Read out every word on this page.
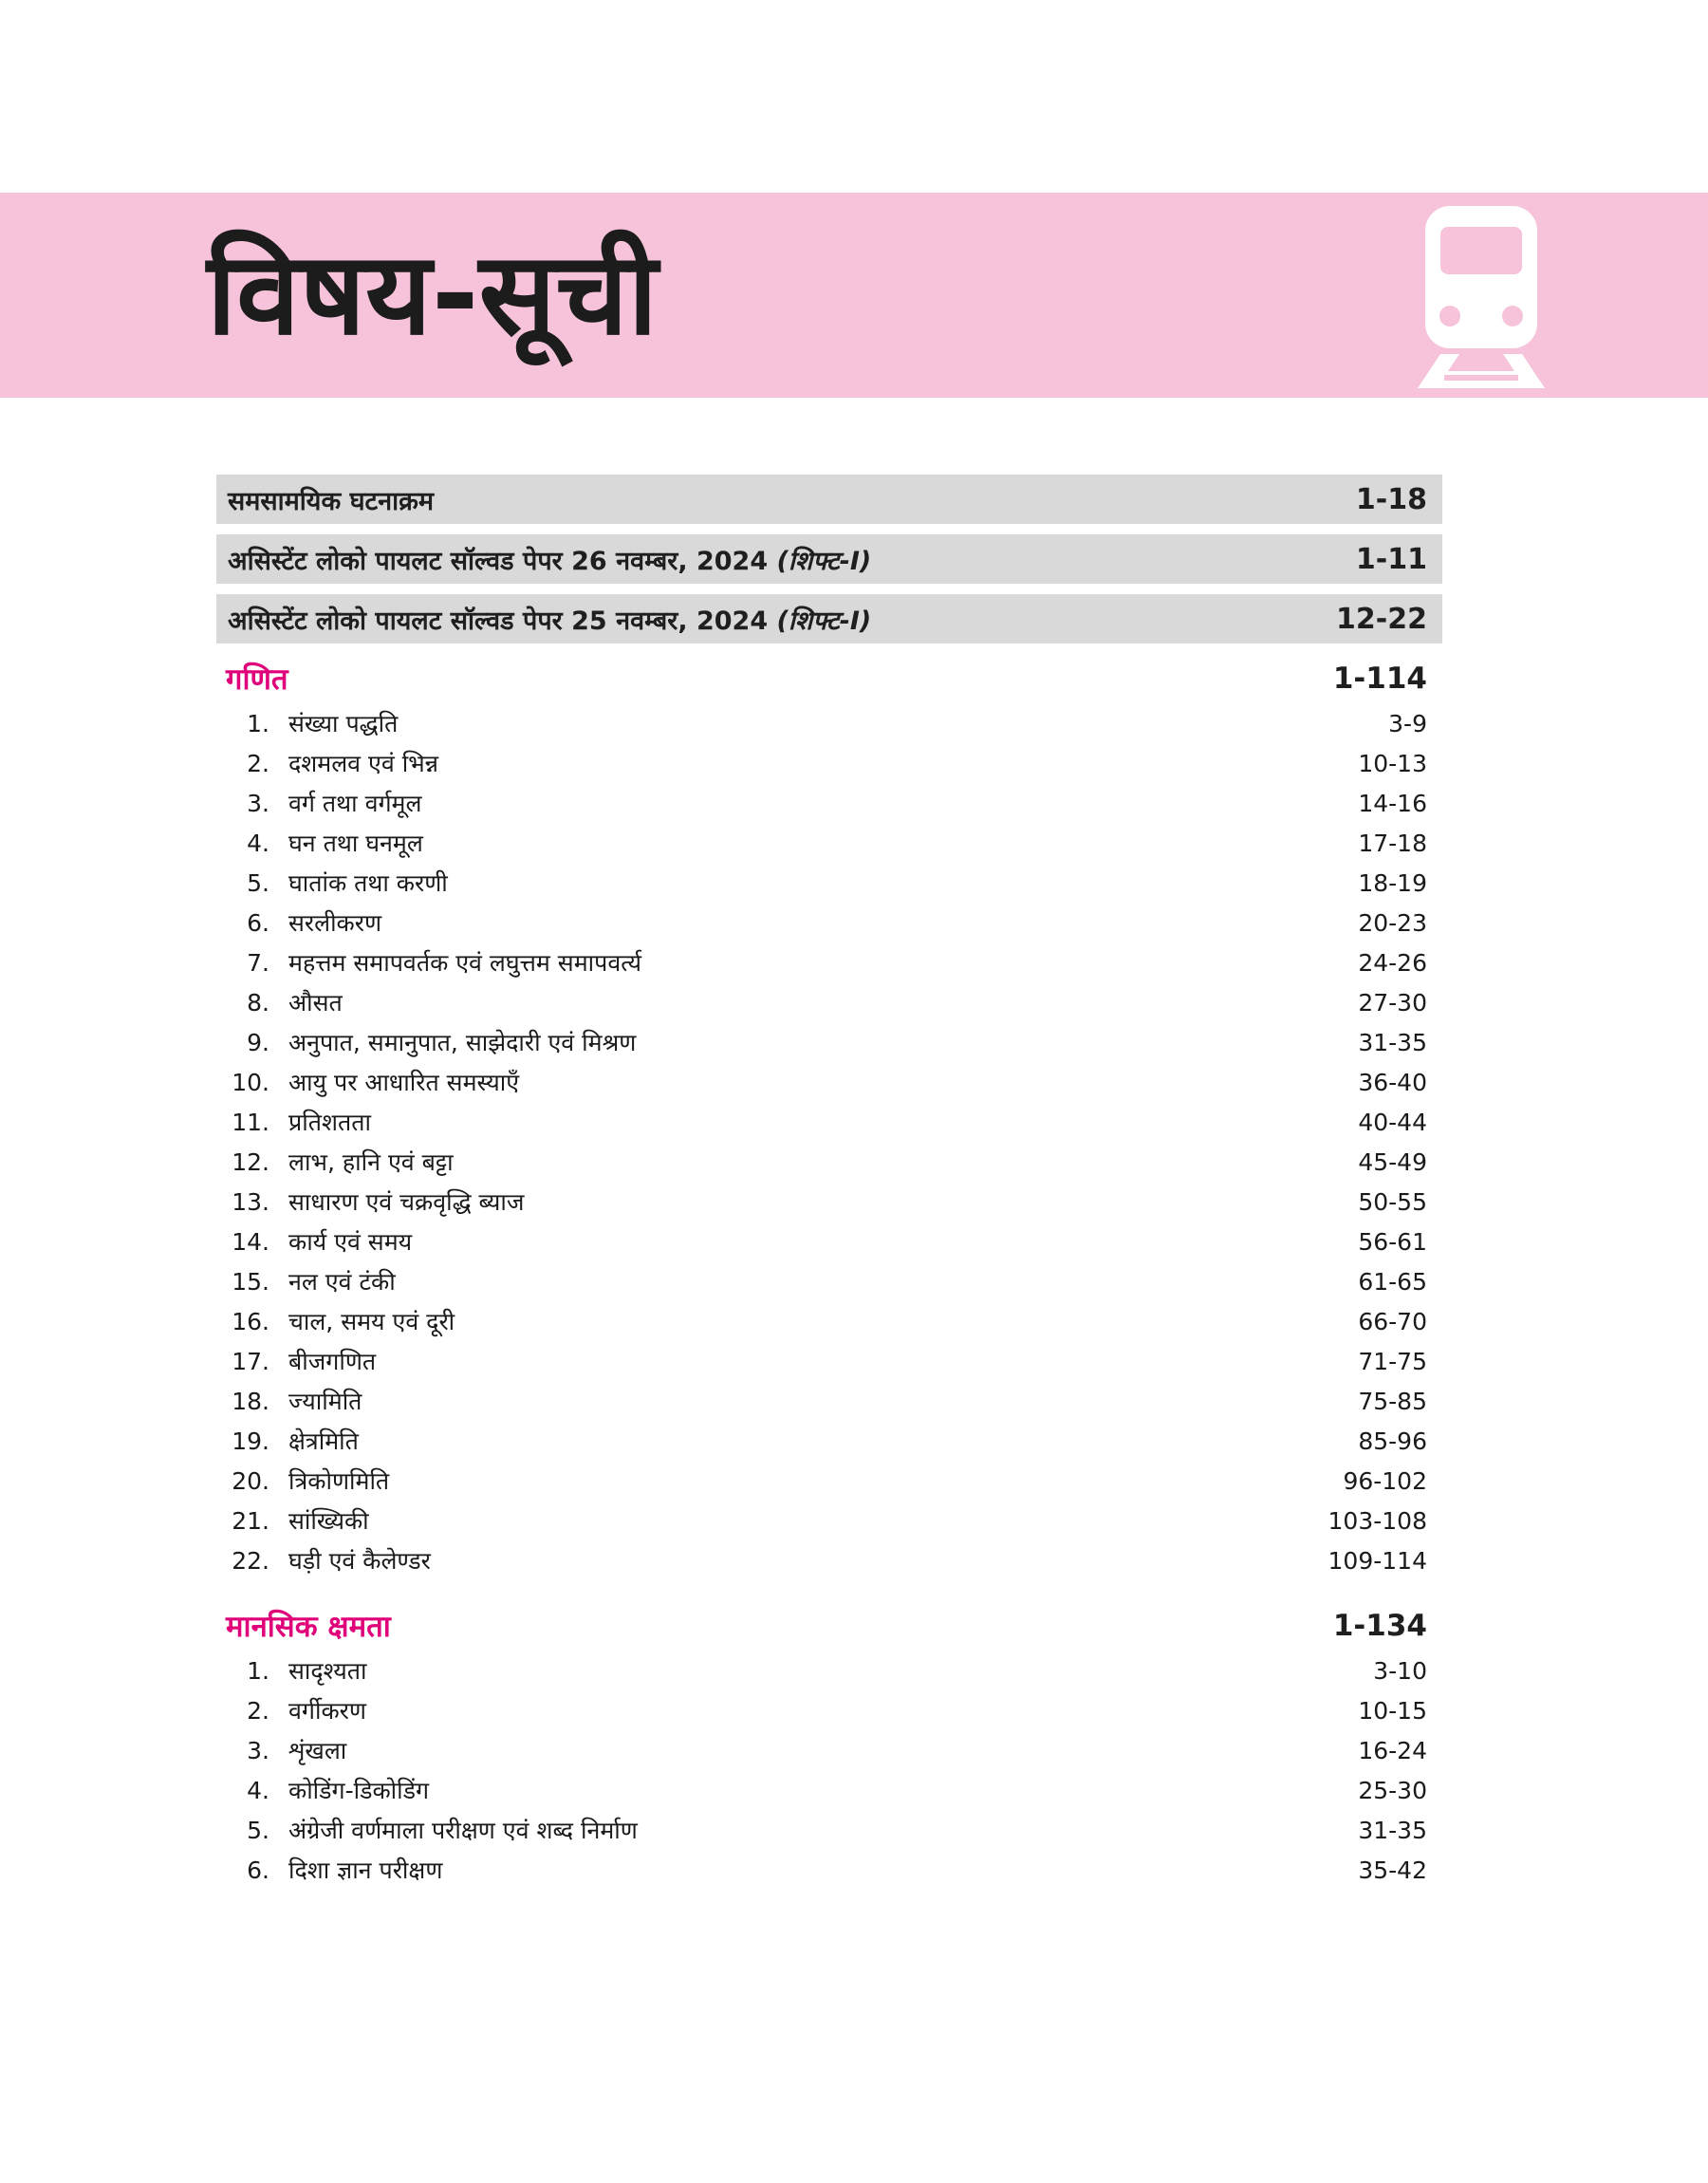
विषय-सूची
समसामयिक घटनाक्रम	1-18
असिस्टेंट लोको पायलट सॉल्वड पेपर 26 नवम्बर, 2024 (शिफ्ट-I)	1-11
असिस्टेंट लोको पायलट सॉल्वड पेपर 25 नवम्बर, 2024 (शिफ्ट-I)	12-22
गणित	1-114
1. संख्या पद्धति	3-9
2. दशमलव एवं भिन्न	10-13
3. वर्ग तथा वर्गमूल	14-16
4. घन तथा घनमूल	17-18
5. घातांक तथा करणी	18-19
6. सरलीकरण	20-23
7. महत्तम समापवर्तक एवं लघुत्तम समापवर्त्य	24-26
8. औसत	27-30
9. अनुपात, समानुपात, साझेदारी एवं मिश्रण	31-35
10. आयु पर आधारित समस्याएँ	36-40
11. प्रतिशतता	40-44
12. लाभ, हानि एवं बट्टा	45-49
13. साधारण एवं चक्रवृद्धि ब्याज	50-55
14. कार्य एवं समय	56-61
15. नल एवं टंकी	61-65
16. चाल, समय एवं दूरी	66-70
17. बीजगणित	71-75
18. ज्यामिति	75-85
19. क्षेत्रमिति	85-96
20. त्रिकोणमिति	96-102
21. सांख्यिकी	103-108
22. घड़ी एवं कैलेण्डर	109-114
मानसिक क्षमता	1-134
1. सादृश्यता	3-10
2. वर्गीकरण	10-15
3. शृंखला	16-24
4. कोडिंग-डिकोडिंग	25-30
5. अंग्रेजी वर्णमाला परीक्षण एवं शब्द निर्माण	31-35
6. दिशा ज्ञान परीक्षण	35-42
